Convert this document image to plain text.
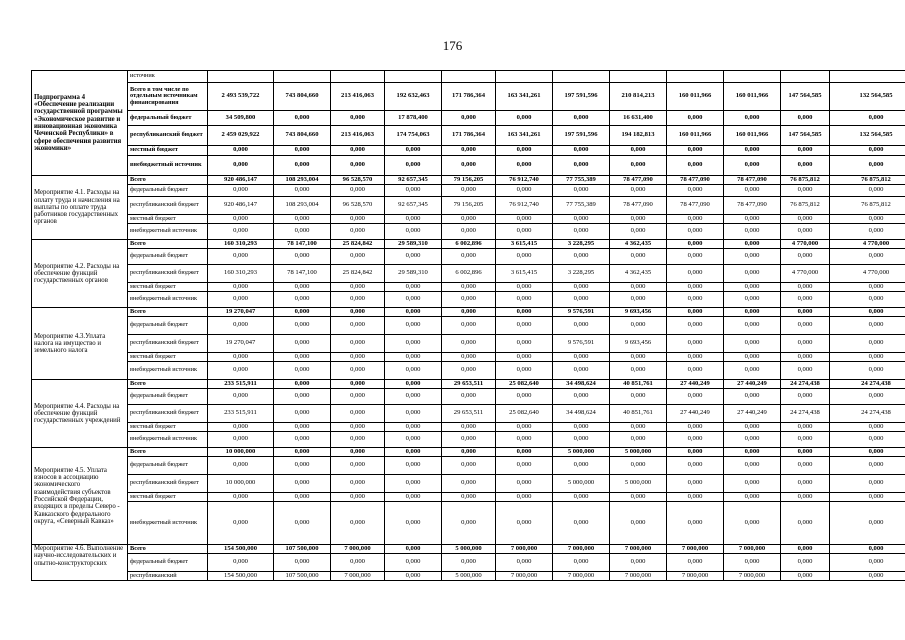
176
Подпрограмма 4 «Обеспечение реализации государственной программы «Экономическое развитие и инновационная экономика Чеченской Республики» в сфере обеспечения развития экономики»	источник												
	Всего в том числе по отдельным источникам финансирования	2 493 539,722	743 804,660	213 416,063	192 632,463	171 786,364	163 341,261	197 591,596	210 814,213	160 011,966	160 011,966	147 564,585	132 564,585
	федеральный бюджет	34 509,800	0,000	0,000	17 878,400	0,000	0,000	0,000	16 631,400	0,000	0,000	0,000	0,000
	республиканский бюджет	2 459 029,922	743 804,660	213 416,063	174 754,063	171 786,364	163 341,261	197 591,596	194 182,813	160 011,966	160 011,966	147 564,585	132 564,585
	местный бюджет	0,000	0,000	0,000	0,000	0,000	0,000	0,000	0,000	0,000	0,000	0,000	0,000
	внебюджетный источник	0,000	0,000	0,000	0,000	0,000	0,000	0,000	0,000	0,000	0,000	0,000	0,000
Мероприятие 4.1. Расходы на оплату труда и начисления на выплаты по оплате труда работников государственных органов	Всего	920 486,147	108 293,004	96 528,570	92 657,345	79 156,205	76 912,740	77 755,389	78 477,090	78 477,090	78 477,090	76 875,812	76 875,812
	федеральный бюджет	0,000	0,000	0,000	0,000	0,000	0,000	0,000	0,000	0,000	0,000	0,000	0,000
	республиканский бюджет	920 486,147	108 293,004	96 528,570	92 657,345	79 156,205	76 912,740	77 755,389	78 477,090	78 477,090	78 477,090	76 875,812	76 875,812
	местный бюджет	0,000	0,000	0,000	0,000	0,000	0,000	0,000	0,000	0,000	0,000	0,000	0,000
	внебюджетный источник	0,000	0,000	0,000	0,000	0,000	0,000	0,000	0,000	0,000	0,000	0,000	0,000
Мероприятие 4.2. Расходы на обеспечение функций государственных органов	Всего	160 310,293	78 147,100	25 824,842	29 589,310	6 002,896	3 615,415	3 228,295	4 362,435	0,000	0,000	4 770,000	4 770,000
	федеральный бюджет	0,000	0,000	0,000	0,000	0,000	0,000	0,000	0,000	0,000	0,000	0,000	0,000
	республиканский бюджет	160 310,293	78 147,100	25 824,842	29 589,310	6 002,896	3 615,415	3 228,295	4 362,435	0,000	0,000	4 770,000	4 770,000
	местный бюджет	0,000	0,000	0,000	0,000	0,000	0,000	0,000	0,000	0,000	0,000	0,000	0,000
	внебюджетный источник	0,000	0,000	0,000	0,000	0,000	0,000	0,000	0,000	0,000	0,000	0,000	0,000
Мероприятие 4.3.Уплата налога на имущество и земельного налога	Всего	19 270,047	0,000	0,000	0,000	0,000	0,000	9 576,591	9 693,456	0,000	0,000	0,000	0,000
	федеральный бюджет	0,000	0,000	0,000	0,000	0,000	0,000	0,000	0,000	0,000	0,000	0,000	0,000
	республиканский бюджет	19 270,047	0,000	0,000	0,000	0,000	0,000	9 576,591	9 693,456	0,000	0,000	0,000	0,000
	местный бюджет	0,000	0,000	0,000	0,000	0,000	0,000	0,000	0,000	0,000	0,000	0,000	0,000
	внебюджетный источник	0,000	0,000	0,000	0,000	0,000	0,000	0,000	0,000	0,000	0,000	0,000	0,000
Мероприятие 4.4. Расходы на обеспечение функций государственных учреждений	Всего	233 515,911	0,000	0,000	0,000	29 653,511	25 082,640	34 498,624	40 851,761	27 440,249	27 440,249	24 274,438	24 274,438
	федеральный бюджет	0,000	0,000	0,000	0,000	0,000	0,000	0,000	0,000	0,000	0,000	0,000	0,000
	республиканский бюджет	233 515,911	0,000	0,000	0,000	29 653,511	25 082,640	34 498,624	40 851,761	27 440,249	27 440,249	24 274,438	24 274,438
	местный бюджет	0,000	0,000	0,000	0,000	0,000	0,000	0,000	0,000	0,000	0,000	0,000	0,000
	внебюджетный источник	0,000	0,000	0,000	0,000	0,000	0,000	0,000	0,000	0,000	0,000	0,000	0,000
Мероприятие 4.5. Уплата взносов в ассоциацию экономического взаимодействия субъектов Российской Федерации, входящих в пределы Северо - Кавказского федерального округа, «Северный Кавказ»	Всего	10 000,000	0,000	0,000	0,000	0,000	0,000	5 000,000	5 000,000	0,000	0,000	0,000	0,000
	федеральный бюджет	0,000	0,000	0,000	0,000	0,000	0,000	0,000	0,000	0,000	0,000	0,000	0,000
	республиканский бюджет	10 000,000	0,000	0,000	0,000	0,000	0,000	5 000,000	5 000,000	0,000	0,000	0,000	0,000
	местный бюджет	0,000	0,000	0,000	0,000	0,000	0,000	0,000	0,000	0,000	0,000	0,000	0,000
	внебюджетный источник	0,000	0,000	0,000	0,000	0,000	0,000	0,000	0,000	0,000	0,000	0,000	0,000
Мероприятие 4.6. Выполнение научно-исследовательских и опытно-конструкторских	Всего	154 500,000	107 500,000	7 000,000	0,000	5 000,000	7 000,000	7 000,000	7 000,000	7 000,000	7 000,000	0,000	0,000
	федеральный бюджет	0,000	0,000	0,000	0,000	0,000	0,000	0,000	0,000	0,000	0,000	0,000	0,000
	республиканский	154 500,000	107 500,000	7 000,000	0,000	5 000,000	7 000,000	7 000,000	7 000,000	7 000,000	7 000,000	0,000	0,000
